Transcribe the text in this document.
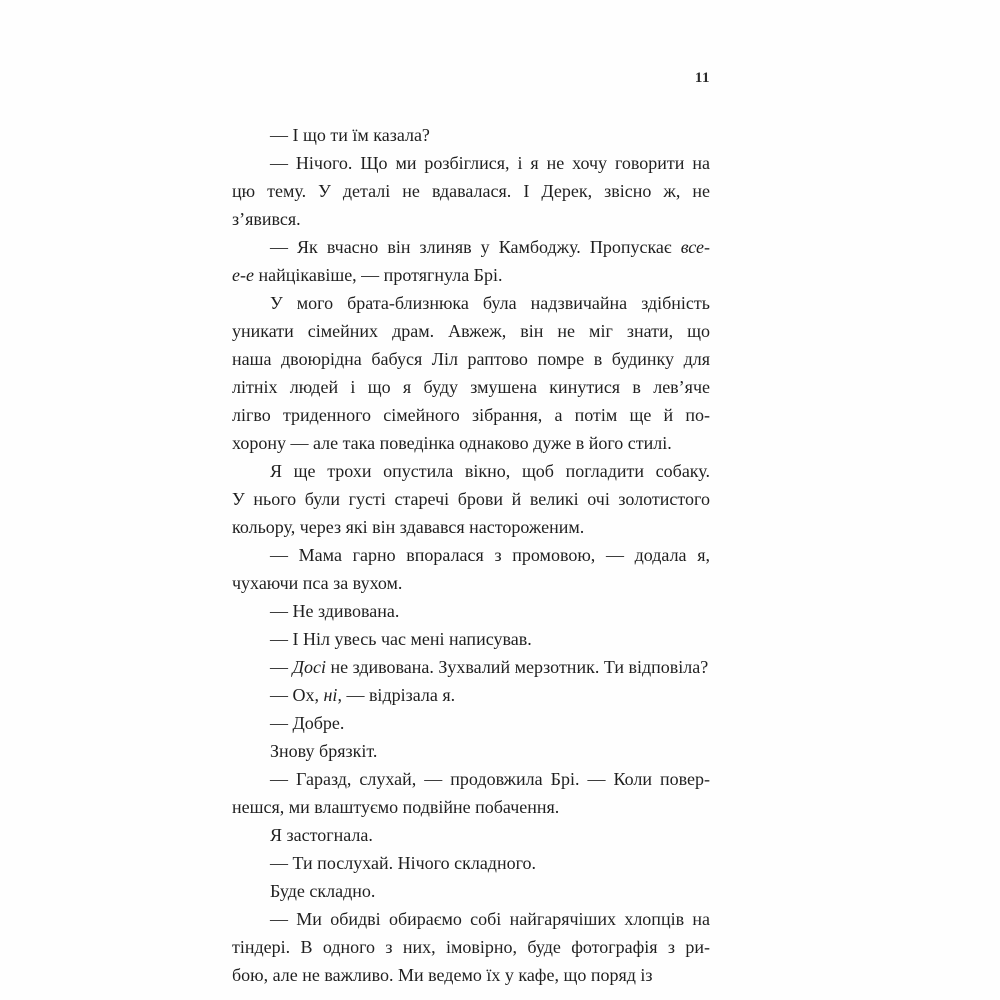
11
— І що ти їм казала?
— Нічого. Що ми розбіглися, і я не хочу говорити на
цю тему. У деталі не вдавалася. І Дерек, звісно ж, не
з’явився.
— Як вчасно він злиняв у Камбоджу. Пропускає все-
е-е найцікавіше, — протягнула Брі.
У мого брата-близнюка була надзвичайна здібність
уникати сімейних драм. Авжеж, він не міг знати, що
наша двоюрідна бабуся Ліл раптово помре в будинку для
літніх людей і що я буду змушена кинутися в лев’яче
лігво триденного сімейного зібрання, а потім ще й по-
хорону — але така поведінка однаково дуже в його стилі.
Я ще трохи опустила вікно, щоб погладити собаку.
У нього були густі старечі брови й великі очі золотистого
кольору, через які він здавався настороженим.
— Мама гарно впоралася з промовою, — додала я,
чухаючи пса за вухом.
— Не здивована.
— І Ніл увесь час мені написував.
— Досі не здивована. Зухвалий мерзотник. Ти відповіла?
— Ох, ні, — відрізала я.
— Добре.
Знову брязкіт.
— Гаразд, слухай, — продовжила Брі. — Коли повер-
нешся, ми влаштуємо подвійне побачення.
Я застогнала.
— Ти послухай. Нічого складного.
Буде складно.
— Ми обидві обираємо собі найгарячіших хлопців на
тіндері. В одного з них, імовірно, буде фотографія з ри-
бою, але не важливо. Ми ведемо їх у кафе, що поряд із
